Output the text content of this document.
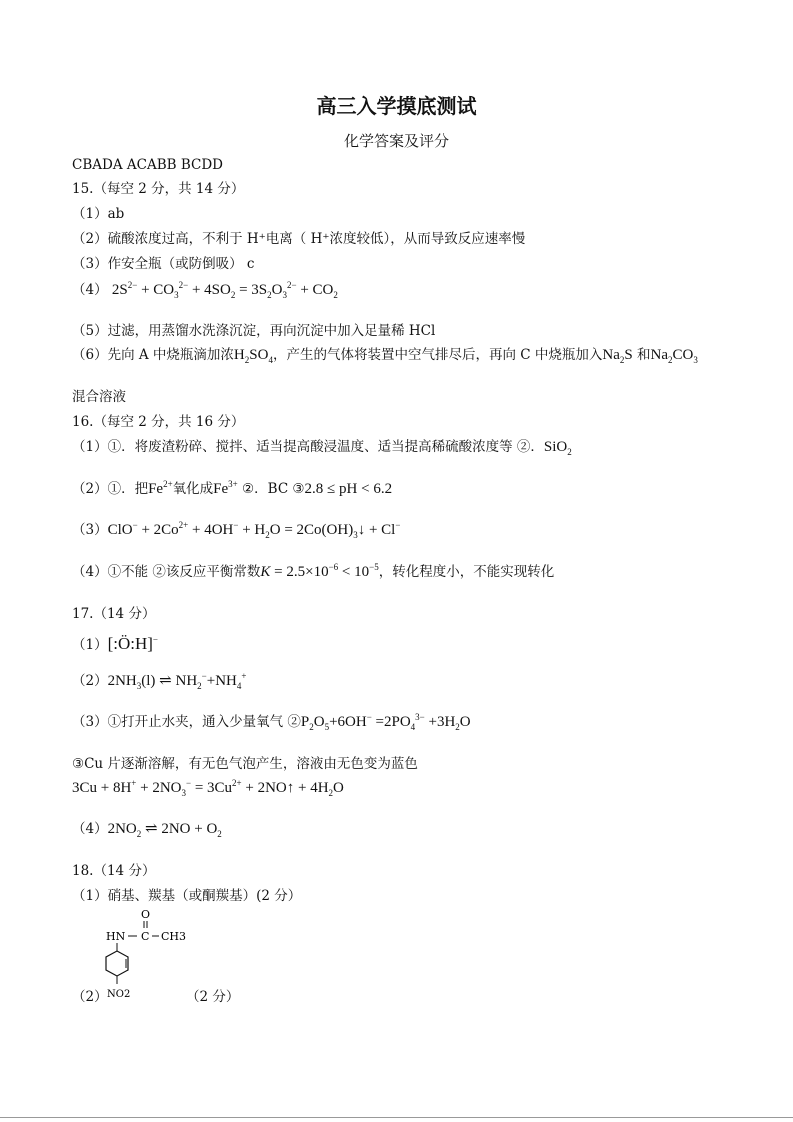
高三入学摸底测试
化学答案及评分
CBADA ACABB BCDD
15.（每空 2 分，共 14 分）
（1）ab
（2）硫酸浓度过高，不利于 H⁺电离（ H⁺浓度较低），从而导致反应速率慢
（3）作安全瓶（或防倒吸） c
（4） $2S^{2-} + CO_3^{2-} + 4SO_2 = 3S_2O_3^{2-} + CO_2$
（5）过滤，用蒸馏水洗涤沉淀，再向沉淀中加入足量稀 HCl
（6）先向 A 中烧瓶滴加浓$H_2SO_4$，产生的气体将装置中空气排尽后，再向 C 中烧瓶加入$Na_2S$ 和$Na_2CO_3$
混合溶液
16.（每空 2 分，共 16 分）
（1）①．将废渣粉碎、搅拌、适当提高酸浸温度、适当提高稀硫酸浓度等 ②．SiO$_2$
（2）①．把$Fe^{2+}$氧化成$Fe^{3+}$ ②．BC ③2.8 ≤ pH < 6.2
$(3)ClO^- + 2Co^{2+} + 4OH^- + H_2O$ = $2Co(OH)_3↓ + Cl^-$
（4）①不能 ②该反应平衡常数$K = 2.5\times 10^{-6} < 10^{-5}$，转化程度小，不能实现转化
17.（14 分）
（1）[:Ö:H]−
$(2)2NH_3(l)$ ⇌ $NH_2^-+NH_4^+$
（3）①打开止水夹，通入少量氧气 $②P_2O_5+6OH^- =2PO_4^{3-} +3H_2O$
③Cu 片逐渐溶解，有无色气泡产生，溶液由无色变为蓝色
$3Cu + 8H^+ + 2NO_3^- = 3Cu^{2+}$ + 2NO↑ + $4H_2O$
$(4)2NO_2$ ⇌ $2NO + O_2$
18.（14 分）
（1）硝基、羰基（或酮羰基）(2 分）
O
HN C CH3
NO2
（2）	（2 分）
